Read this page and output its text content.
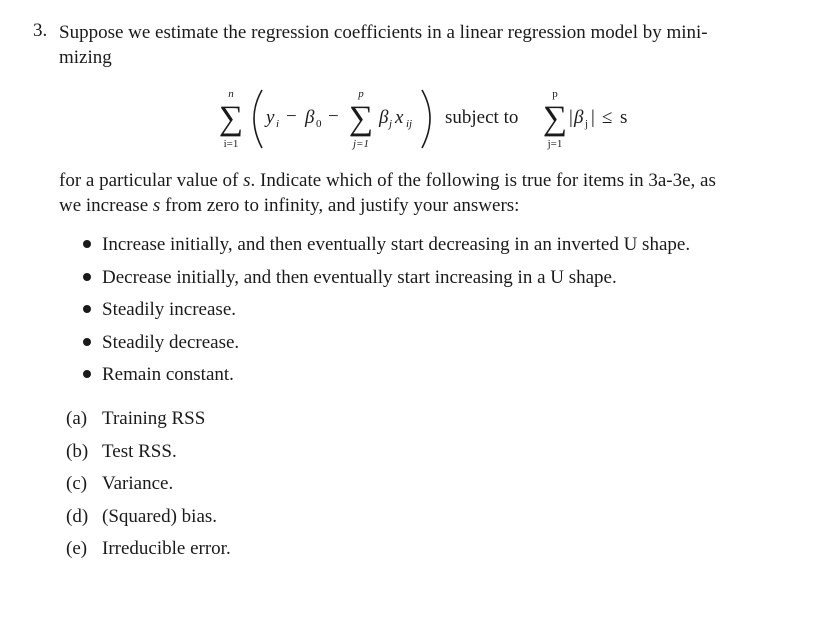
3. Suppose we estimate the regression coefficients in a linear regression model by mini-
mizing
n
∑
i=1
y i − β 0 −
p
∑
j=1
β j x ij subject to
p
∑
j=1
| β j | ≤ s

for a particular value of s. Indicate which of the following is true for items in 3a-3e, as

we increase s from zero to infinity, and justify your answers:

Increase initially, and then eventually start decreasing in an inverted U shape.
Decrease initially, and then eventually start increasing in a U shape.
Steadily increase.
Steadily decrease.
Remain constant.
(a) Training RSS
(b) Test RSS.
(c) Variance.
(d) (Squared) bias.
(e) Irreducible error.
